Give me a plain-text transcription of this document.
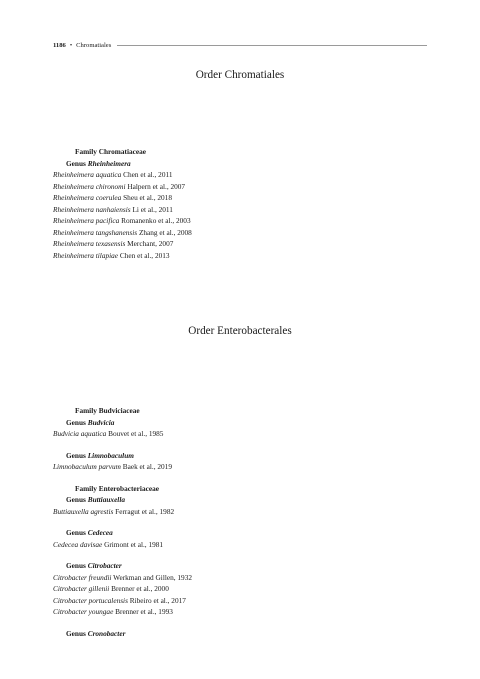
1186 • Chromatiales
Order Chromatiales
Family Chromatiaceae
Genus Rheinheimera
Rheinheimera aquatica Chen et al., 2011
Rheinheimera chironomi Halpern et al., 2007
Rheinheimera coerulea Sheu et al., 2018
Rheinheimera nanhaiensis Li et al., 2011
Rheinheimera pacifica Romanenko et al., 2003
Rheinheimera tangshanensis Zhang et al., 2008
Rheinheimera texasensis Merchant, 2007
Rheinheimera tilapiae Chen et al., 2013
Order Enterobacterales
Family Budviciaceae
Genus Budvicia
Budvicia aquatica Bouvet et al., 1985
Genus Limnobaculum
Limnobaculum parvum Baek et al., 2019
Family Enterobacteriaceae
Genus Buttiauxella
Buttiauxella agrestis Ferragut et al., 1982
Genus Cedecea
Cedecea davisae Grimont et al., 1981
Genus Citrobacter
Citrobacter freundii Werkman and Gillen, 1932
Citrobacter gillenii Brenner et al., 2000
Citrobacter portucalensis Ribeiro et al., 2017
Citrobacter youngae Brenner et al., 1993
Genus Cronobacter
